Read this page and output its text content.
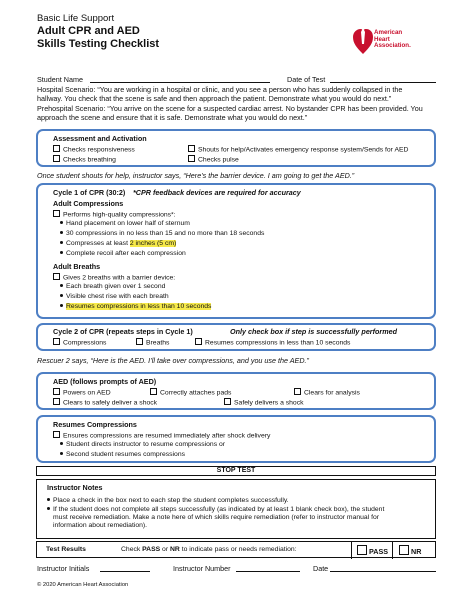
Basic Life Support
Adult CPR and AED
Skills Testing Checklist
American
Heart
Association.
Student Name	Date of Test
Hospital Scenario: “You are working in a hospital or clinic, and you see a person who has suddenly collapsed in the
hallway. You check that the scene is safe and then approach the patient. Demonstrate what you would do next.”
Prehospital Scenario: “You arrive on the scene for a suspected cardiac arrest. No bystander CPR has been provided. You
approach the scene and ensure that it is safe. Demonstrate what you would do next.”
Assessment and Activation
Checks responsiveness	Shouts for help/Activates emergency response system/Sends for AED
Checks breathing	Checks pulse
Once student shouts for help, instructor says, “Here’s the barrier device. I am going to get the AED.”
Cycle 1 of CPR (30:2) *CPR feedback devices are required for accuracy
Adult Compressions
Performs high-quality compressions*:
Hand placement on lower half of sternum
30 compressions in no less than 15 and no more than 18 seconds
Compresses at least 2 inches (5 cm)
Complete recoil after each compression
Adult Breaths
Gives 2 breaths with a barrier device:
Each breath given over 1 second
Visible chest rise with each breath
Resumes compressions in less than 10 seconds
Cycle 2 of CPR (repeats steps in Cycle 1)	Only check box if step is successfully performed
Compressions	Breaths	Resumes compressions in less than 10 seconds
Rescuer 2 says, “Here is the AED. I’ll take over compressions, and you use the AED.”
AED (follows prompts of AED)
Powers on AED	Correctly attaches pads	Clears for analysis
Clears to safely deliver a shock	Safely delivers a shock
Resumes Compressions
Ensures compressions are resumed immediately after shock delivery
Student directs instructor to resume compressions or
Second student resumes compressions
STOP TEST
Instructor Notes
Place a check in the box next to each step the student completes successfully.
If the student does not complete all steps successfully (as indicated by at least 1 blank check box), the student
must receive remediation. Make a note here of which skills require remediation (refer to instructor manual for
information about remediation).
Test Results	Check PASS or NR to indicate pass or needs remediation:	PASS	NR
Instructor Initials	Instructor Number	Date
© 2020 American Heart Association
